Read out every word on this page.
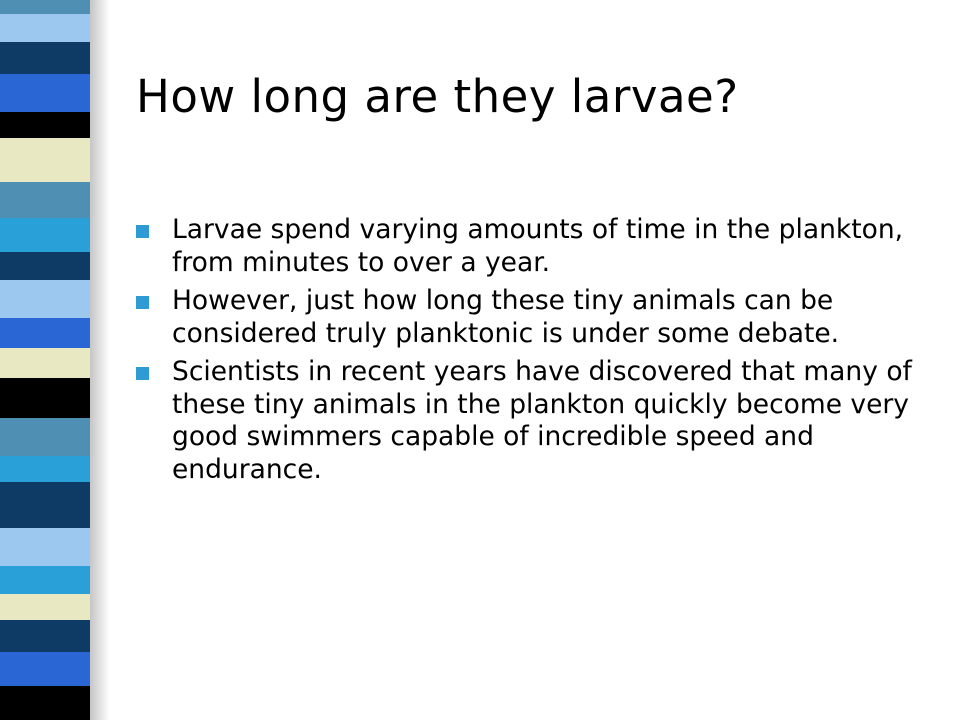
How long are they larvae?
Larvae spend varying amounts of time in the plankton, from minutes to over a year.
However, just how long these tiny animals can be considered truly planktonic is under some debate.
Scientists in recent years have discovered that many of these tiny animals in the plankton quickly become very good swimmers capable of incredible speed and endurance.
